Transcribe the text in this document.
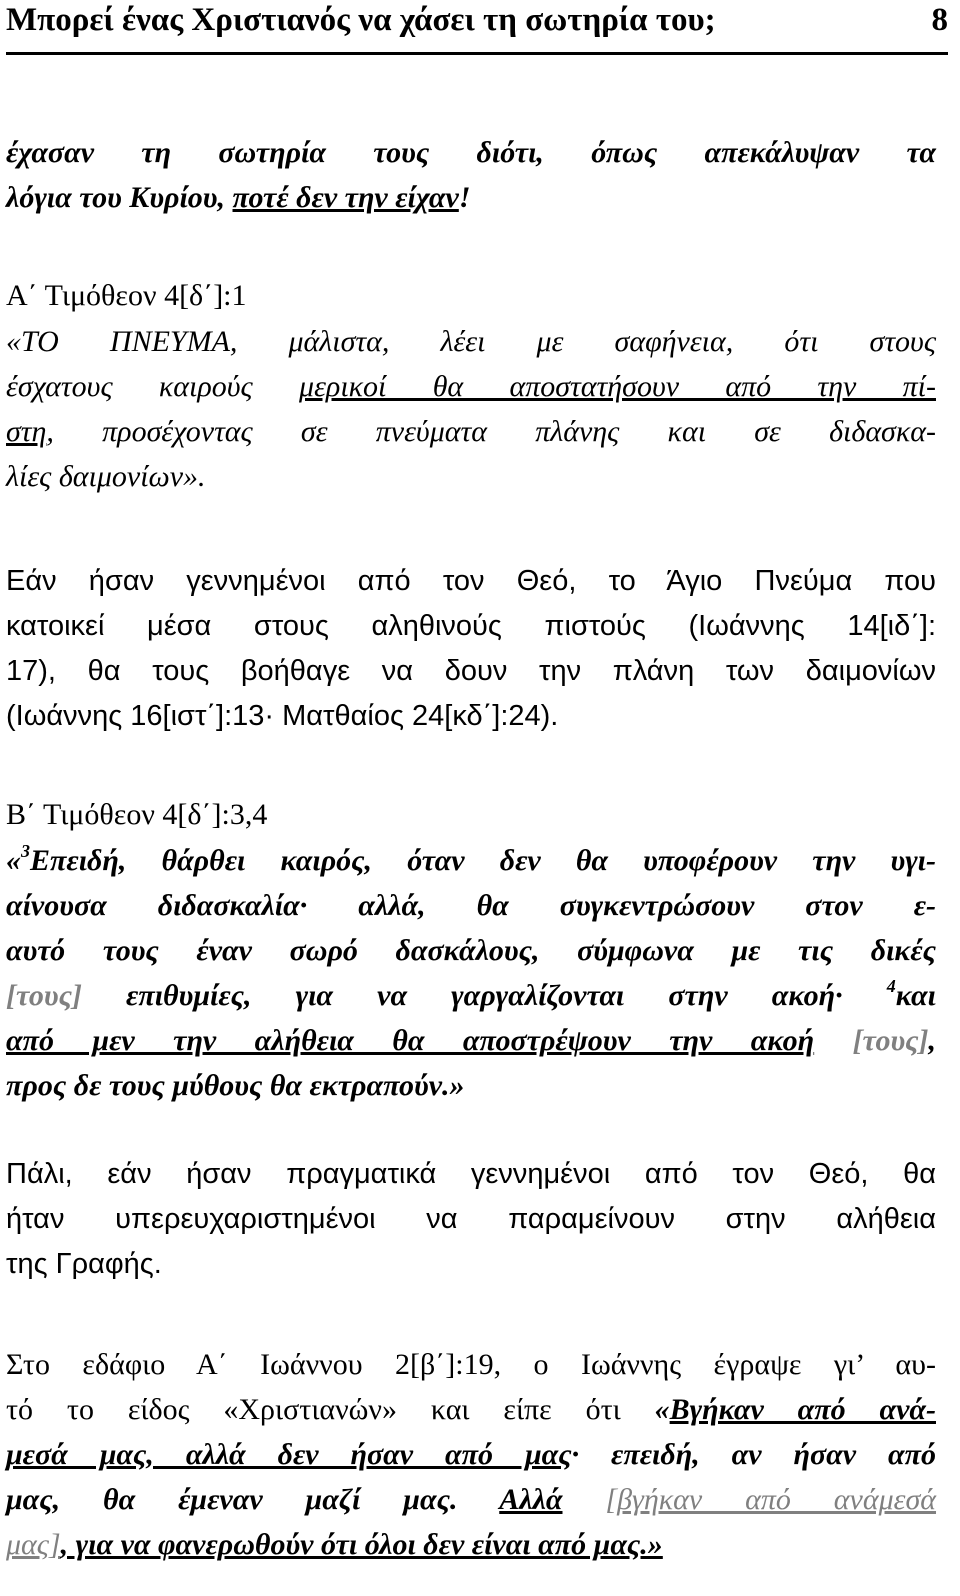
Μπορεί ένας Χριστιανός να χάσει τη σωτηρία του;	8
έχασαν τη σωτηρία τους διότι, όπως απεκάλυψαν τα
λόγια του Κυρίου, ποτέ δεν την είχαν!
Α΄ Τιμόθεον 4[δ΄]:1
«ΤΟ ΠΝΕΥΜΑ, μάλιστα, λέει με σαφήνεια, ότι στους
έσχατους καιρούς μερικοί θα αποστατήσουν από την πί-
στη, προσέχοντας σε πνεύματα πλάνης και σε διδασκα-
λίες δαιμονίων».
Εάν ήσαν γεννημένοι από τον Θεό, το Άγιο Πνεύμα που
κατοικεί μέσα στους αληθινούς πιστούς (Ιωάννης 14[ιδ΄]:
17), θα τους βοήθαγε να δουν την πλάνη των δαιμονίων
(Ιωάννης 16[ιστ΄]:13· Ματθαίος 24[κδ΄]:24).
Β΄ Τιμόθεον 4[δ΄]:3,4
«$^3$Επειδή, θάρθει καιρός, όταν δεν θα υποφέρουν την υγι-
αίνουσα διδασκαλία· αλλά, θα συγκεντρώσουν στον ε-
αυτό τους έναν σωρό δασκάλους, σύμφωνα με τις δικές
[τους] επιθυμίες, για να γαργαλίζονται στην ακοή· $^4$και
από μεν την αλήθεια θα αποστρέψουν την ακοή [τους],
προς δε τους μύθους θα εκτραπούν.»
Πάλι, εάν ήσαν πραγματικά γεννημένοι από τον Θεό, θα
ήταν υπερευχαριστημένοι να παραμείνουν στην αλήθεια
της Γραφής.
Στο εδάφιο Α΄ Ιωάννου 2[β΄]:19, ο Ιωάννης έγραψε γι’ αυ-
τό το είδος «Χριστιανών» και είπε ότι «Βγήκαν από ανά-
μεσά μας, αλλά δεν ήσαν από μας· επειδή, αν ήσαν από
μας, θα έμεναν μαζί μας. Αλλά [βγήκαν από ανάμεσά
μας], για να φανερωθούν ότι όλοι δεν είναι από μας.»
